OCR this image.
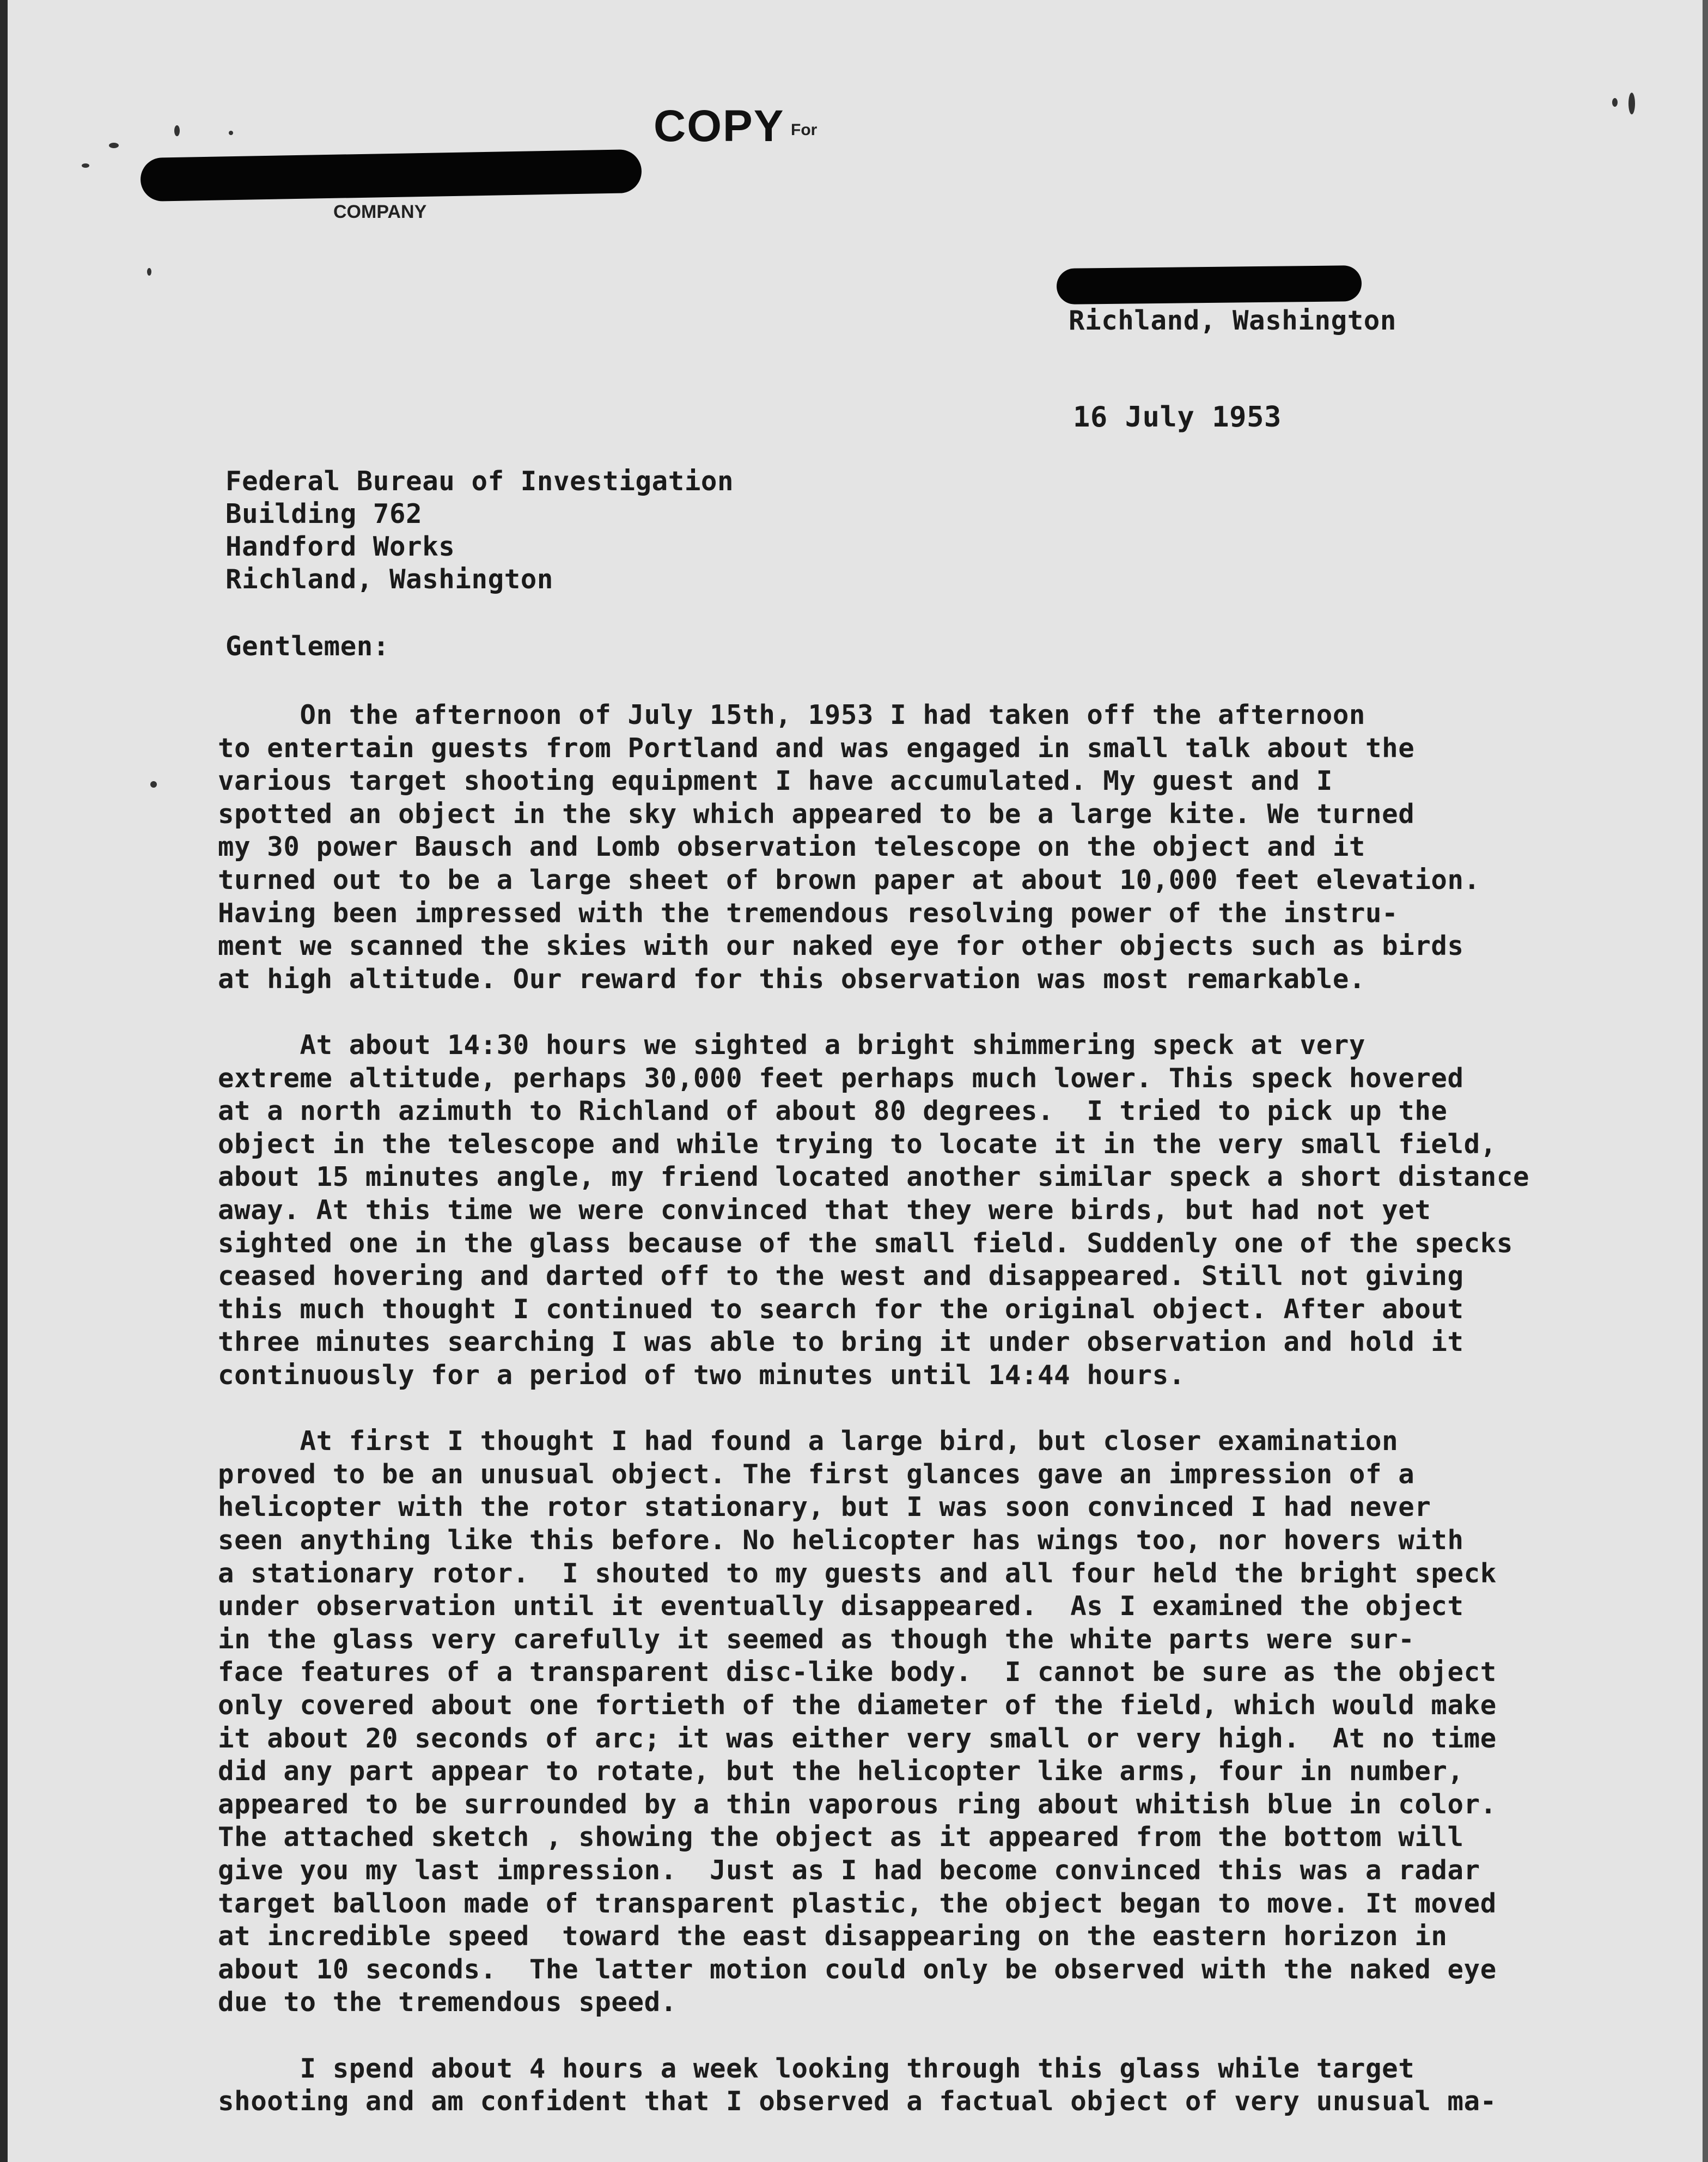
COPY For
COMPANY
Richland, Washington
16 July 1953
Federal Bureau of Investigation
Building 762
Handford Works
Richland, Washington
Gentlemen:
On the afternoon of July 15th, 1953 I had taken off the afternoon
to entertain guests from Portland and was engaged in small talk about the
various target shooting equipment I have accumulated. My guest and I
spotted an object in the sky which appeared to be a large kite. We turned
my 30 power Bausch and Lomb observation telescope on the object and it
turned out to be a large sheet of brown paper at about 10,000 feet elevation.
Having been impressed with the tremendous resolving power of the instru-
ment we scanned the skies with our naked eye for other objects such as birds
at high altitude. Our reward for this observation was most remarkable.
At about 14:30 hours we sighted a bright shimmering speck at very
extreme altitude, perhaps 30,000 feet perhaps much lower. This speck hovered
at a north azimuth to Richland of about 80 degrees.  I tried to pick up the
object in the telescope and while trying to locate it in the very small field,
about 15 minutes angle, my friend located another similar speck a short distance
away. At this time we were convinced that they were birds, but had not yet
sighted one in the glass because of the small field. Suddenly one of the specks
ceased hovering and darted off to the west and disappeared. Still not giving
this much thought I continued to search for the original object. After about
three minutes searching I was able to bring it under observation and hold it
continuously for a period of two minutes until 14:44 hours.
At first I thought I had found a large bird, but closer examination
proved to be an unusual object. The first glances gave an impression of a
helicopter with the rotor stationary, but I was soon convinced I had never
seen anything like this before. No helicopter has wings too, nor hovers with
a stationary rotor.  I shouted to my guests and all four held the bright speck
under observation until it eventually disappeared.  As I examined the object
in the glass very carefully it seemed as though the white parts were sur-
face features of a transparent disc-like body.  I cannot be sure as the object
only covered about one fortieth of the diameter of the field, which would make
it about 20 seconds of arc; it was either very small or very high.  At no time
did any part appear to rotate, but the helicopter like arms, four in number,
appeared to be surrounded by a thin vaporous ring about whitish blue in color.
The attached sketch , showing the object as it appeared from the bottom will
give you my last impression.  Just as I had become convinced this was a radar
target balloon made of transparent plastic, the object began to move. It moved
at incredible speed  toward the east disappearing on the eastern horizon in
about 10 seconds.  The latter motion could only be observed with the naked eye
due to the tremendous speed.
I spend about 4 hours a week looking through this glass while target
shooting and am confident that I observed a factual object of very unusual ma-
